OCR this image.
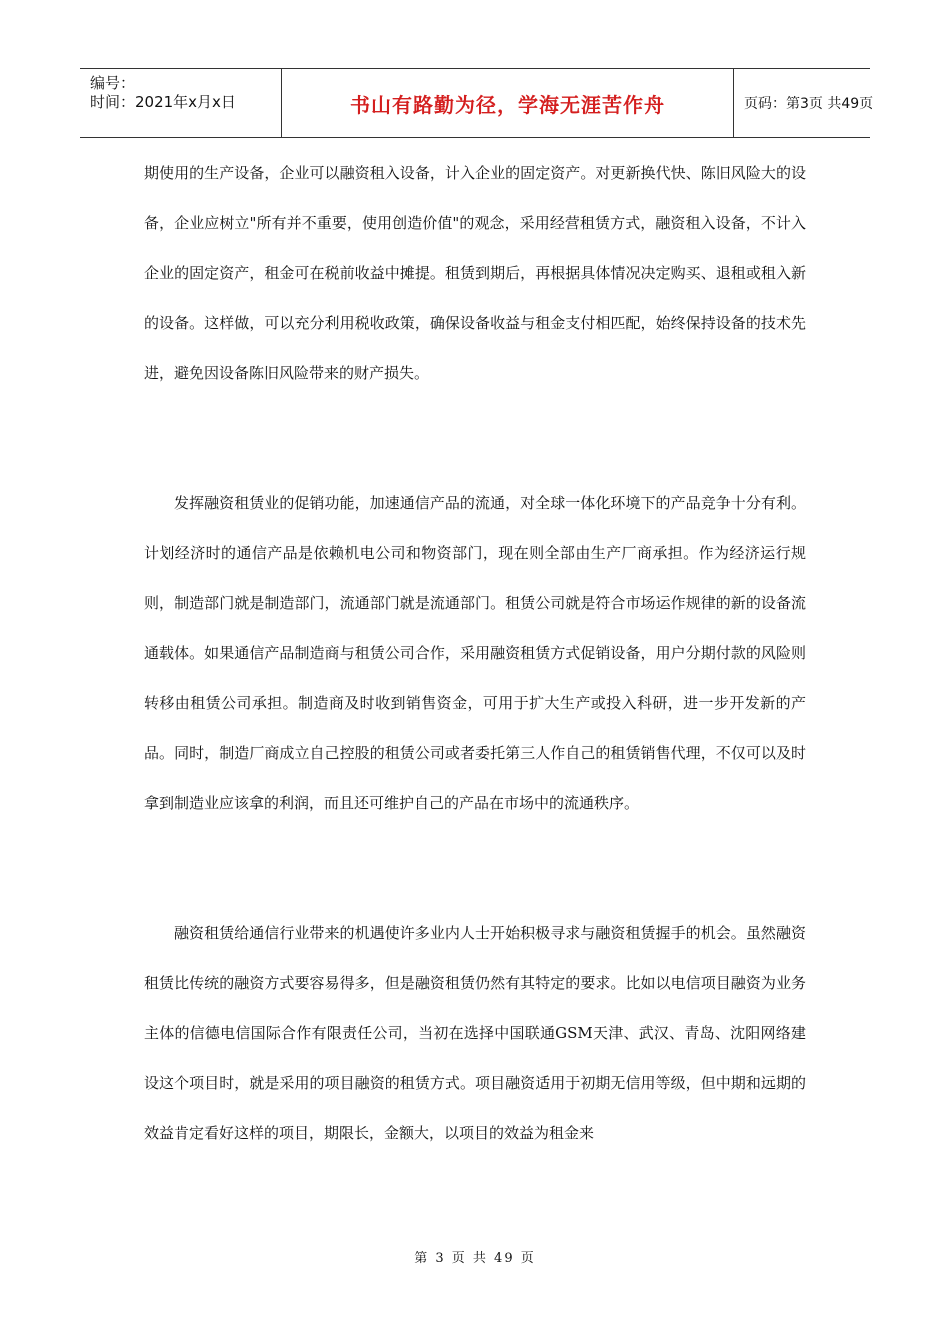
编号：
时间：2021年x月x日	书山有路勤为径，学海无涯苦作舟	页码：第3页 共49页

期使用的生产设备，企业可以融资租入设备，计入企业的固定资产。对更新换代快、陈旧风险大的设备，企业应树立"所有并不重要，使用创造价值"的观念，采用经营租赁方式，融资租入设备，不计入企业的固定资产，租金可在税前收益中摊提。租赁到期后，再根据具体情况决定购买、退租或租入新的设备。这样做，可以充分利用税收政策，确保设备收益与租金支付相匹配，始终保持设备的技术先进，避免因设备陈旧风险带来的财产损失。

发挥融资租赁业的促销功能，加速通信产品的流通，对全球一体化环境下的产品竞争十分有利。计划经济时的通信产品是依赖机电公司和物资部门，现在则全部由生产厂商承担。作为经济运行规则，制造部门就是制造部门，流通部门就是流通部门。租赁公司就是符合市场运作规律的新的设备流通载体。如果通信产品制造商与租赁公司合作，采用融资租赁方式促销设备，用户分期付款的风险则转移由租赁公司承担。制造商及时收到销售资金，可用于扩大生产或投入科研，进一步开发新的产品。同时，制造厂商成立自己控股的租赁公司或者委托第三人作自己的租赁销售代理，不仅可以及时拿到制造业应该拿的利润，而且还可维护自己的产品在市场中的流通秩序。

融资租赁给通信行业带来的机遇使许多业内人士开始积极寻求与融资租赁握手的机会。虽然融资租赁比传统的融资方式要容易得多，但是融资租赁仍然有其特定的要求。比如以电信项目融资为业务主体的信德电信国际合作有限责任公司，当初在选择中国联通GSM天津、武汉、青岛、沈阳网络建设这个项目时，就是采用的项目融资的租赁方式。项目融资适用于初期无信用等级，但中期和远期的效益肯定看好这样的项目，期限长，金额大，以项目的效益为租金来

第 3 页 共 49 页
